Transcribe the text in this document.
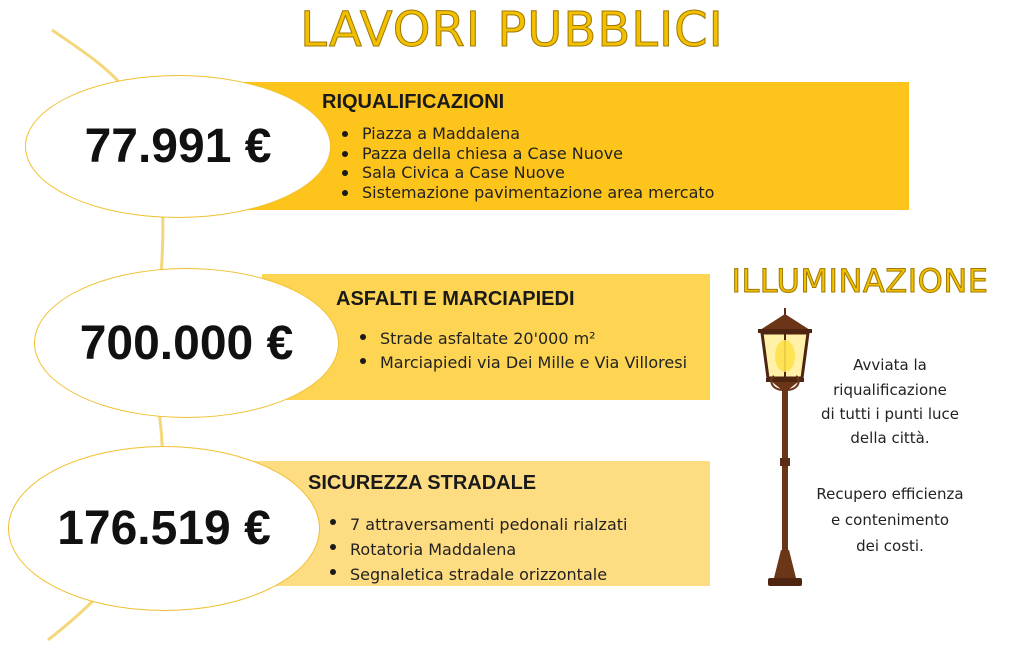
LAVORI PUBBLICI
RIQUALIFICAZIONI
Piazza a Maddalena
Pazza della chiesa a Case Nuove
Sala Civica a Case Nuove
Sistemazione pavimentazione area mercato
77.991 €
ASFALTI E MARCIAPIEDI
Strade asfaltate 20'000 m²
Marciapiedi via Dei Mille e Via Villoresi
700.000 €
SICUREZZA STRADALE
7 attraversamenti pedonali rialzati
Rotatoria Maddalena
Segnaletica stradale orizzontale
176.519 €
ILLUMINAZIONE
Avviata la
riqualificazione
di tutti i punti luce
della città.
Recupero efficienza
e contenimento
dei costi.
